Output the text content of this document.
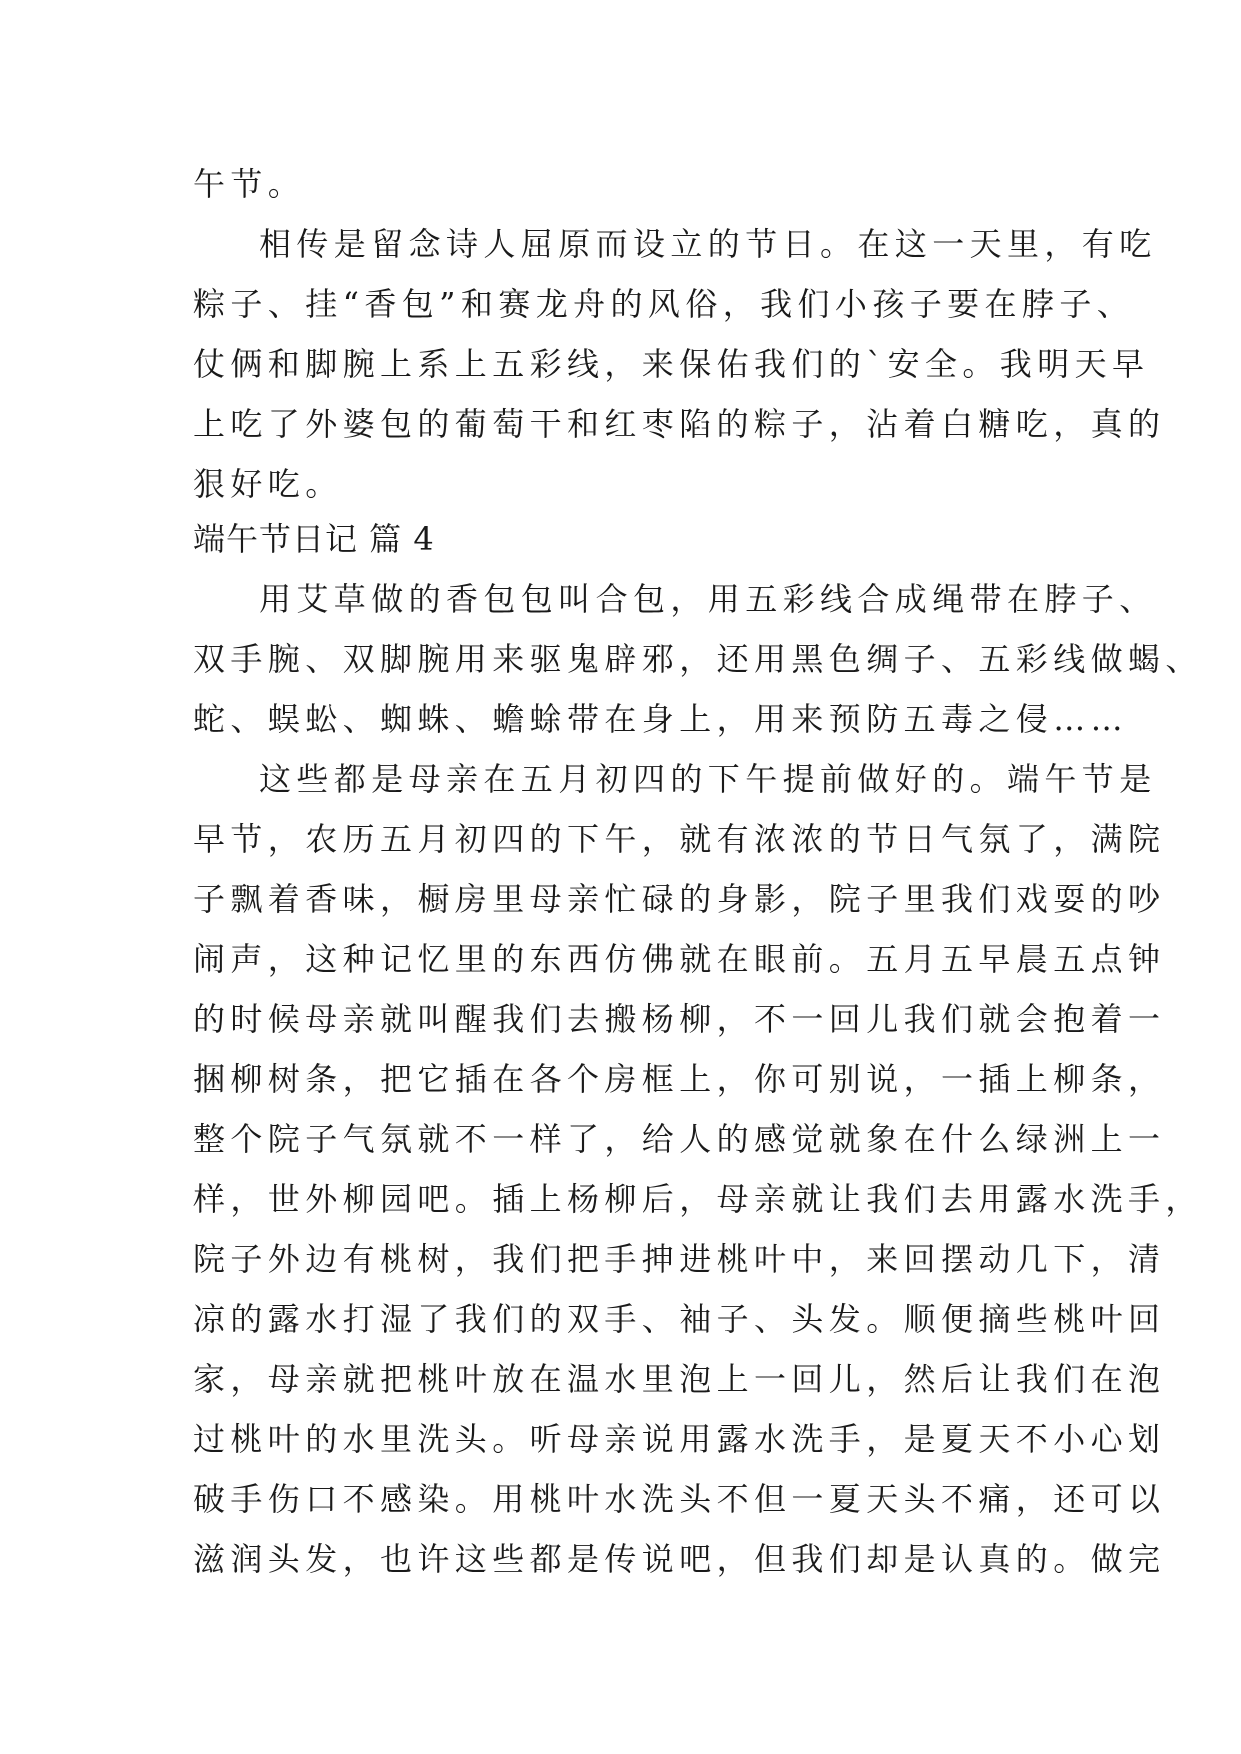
午节。
相传是留念诗人屈原而设立的节日。在这一天里，有吃
粽子、挂“香包”和赛龙舟的风俗，我们小孩子要在脖子、
仗俩和脚腕上系上五彩线，来保佑我们的`安全。我明天早
上吃了外婆包的葡萄干和红枣陷的粽子，沾着白糖吃，真的
狠好吃。
端午节日记 篇 4
用艾草做的香包包叫合包，用五彩线合成绳带在脖子、
双手腕、双脚腕用来驱鬼辟邪，还用黑色绸子、五彩线做蝎、
蛇、蜈蚣、蜘蛛、蟾蜍带在身上，用来预防五毒之侵……
这些都是母亲在五月初四的下午提前做好的。端午节是
早节，农历五月初四的下午，就有浓浓的节日气氛了，满院
子飘着香味，橱房里母亲忙碌的身影，院子里我们戏耍的吵
闹声，这种记忆里的东西仿佛就在眼前。五月五早晨五点钟
的时候母亲就叫醒我们去搬杨柳，不一回儿我们就会抱着一
捆柳树条，把它插在各个房框上，你可别说，一插上柳条，
整个院子气氛就不一样了，给人的感觉就象在什么绿洲上一
样，世外柳园吧。插上杨柳后，母亲就让我们去用露水洗手，
院子外边有桃树，我们把手抻进桃叶中，来回摆动几下，清
凉的露水打湿了我们的双手、袖子、头发。顺便摘些桃叶回
家，母亲就把桃叶放在温水里泡上一回儿，然后让我们在泡
过桃叶的水里洗头。听母亲说用露水洗手，是夏天不小心划
破手伤口不感染。用桃叶水洗头不但一夏天头不痛，还可以
滋润头发，也许这些都是传说吧，但我们却是认真的。做完
